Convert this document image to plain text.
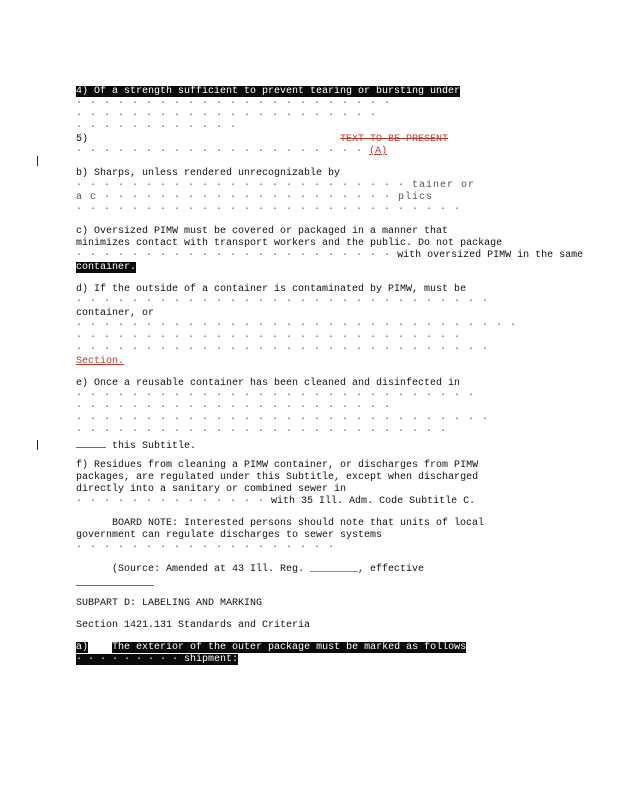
4) Of a strength sufficient to prevent tearing or bursting under
· · · · · · · · · · · · · · · · · · · · · · ·
· · · · · · · · · · · · · · · · · · · · · ·
· · · · · · · · · · · ·
5)	TEXT TO BE PRESENT
· · · · · · · · · · · · · · · · · · · · · (A)
b) Sharps, unless rendered unrecognizable by
· · · · · · · · · · · · · · · · · · · · · · · · tainer or
a c · · · · · · · · · · · · · · · · · · · · · plics
· · · · · · · · · · · · · · · · · · · · · · · · · · · ·
c) Oversized PIMW must be covered or packaged in a manner that
minimizes contact with transport workers and the public. Do not package
· · · · · · · · · · · · · · · · · · · · · · · with oversized PIMW in the same
container.
d) If the outside of a container is contaminated by PIMW, must be
· · · · · · · · · · · · · · · · · · · · · · · · · · · · · ·
container, or
· · · · · · · · · · · · · · · · · · · · · · · · · · · · · · · ·
· · · · · · · · · · · · · · · · · · · · · · · · · · · ·
· · · · · · · · · · · · · · · · · · · · · · · · · · · · · ·
Section.
e) Once a reusable container has been cleaned and disinfected in
· · · · · · · · · · · · · · · · · · · · · · · · · · · · ·
· · · · · · · · · · · · · · · · · · · · · · ·
· · · · · · · · · · · · · · · · · · · · · · · · · · · · · ·
· · · · · · · · · · · · · · · · · · · · · · · · · · ·
this Subtitle.
f) Residues from cleaning a PIMW container, or discharges from PIMW
packages, are regulated under this Subtitle, except when discharged
directly into a sanitary or combined sewer in
· · · · · · · · · · · · · · with 35 Ill. Adm. Code Subtitle C.
BOARD NOTE: Interested persons should note that units of local
government can regulate discharges to sewer systems
· · · · · · · · · · · · · · · · · · ·
(Source: Amended at 43 Ill. Reg. ________, effective
SUBPART D: LABELING AND MARKING
Section 1421.131 Standards and Criteria
a) The exterior of the outer package must be marked as follows
· · · · · · · · · shipment:
